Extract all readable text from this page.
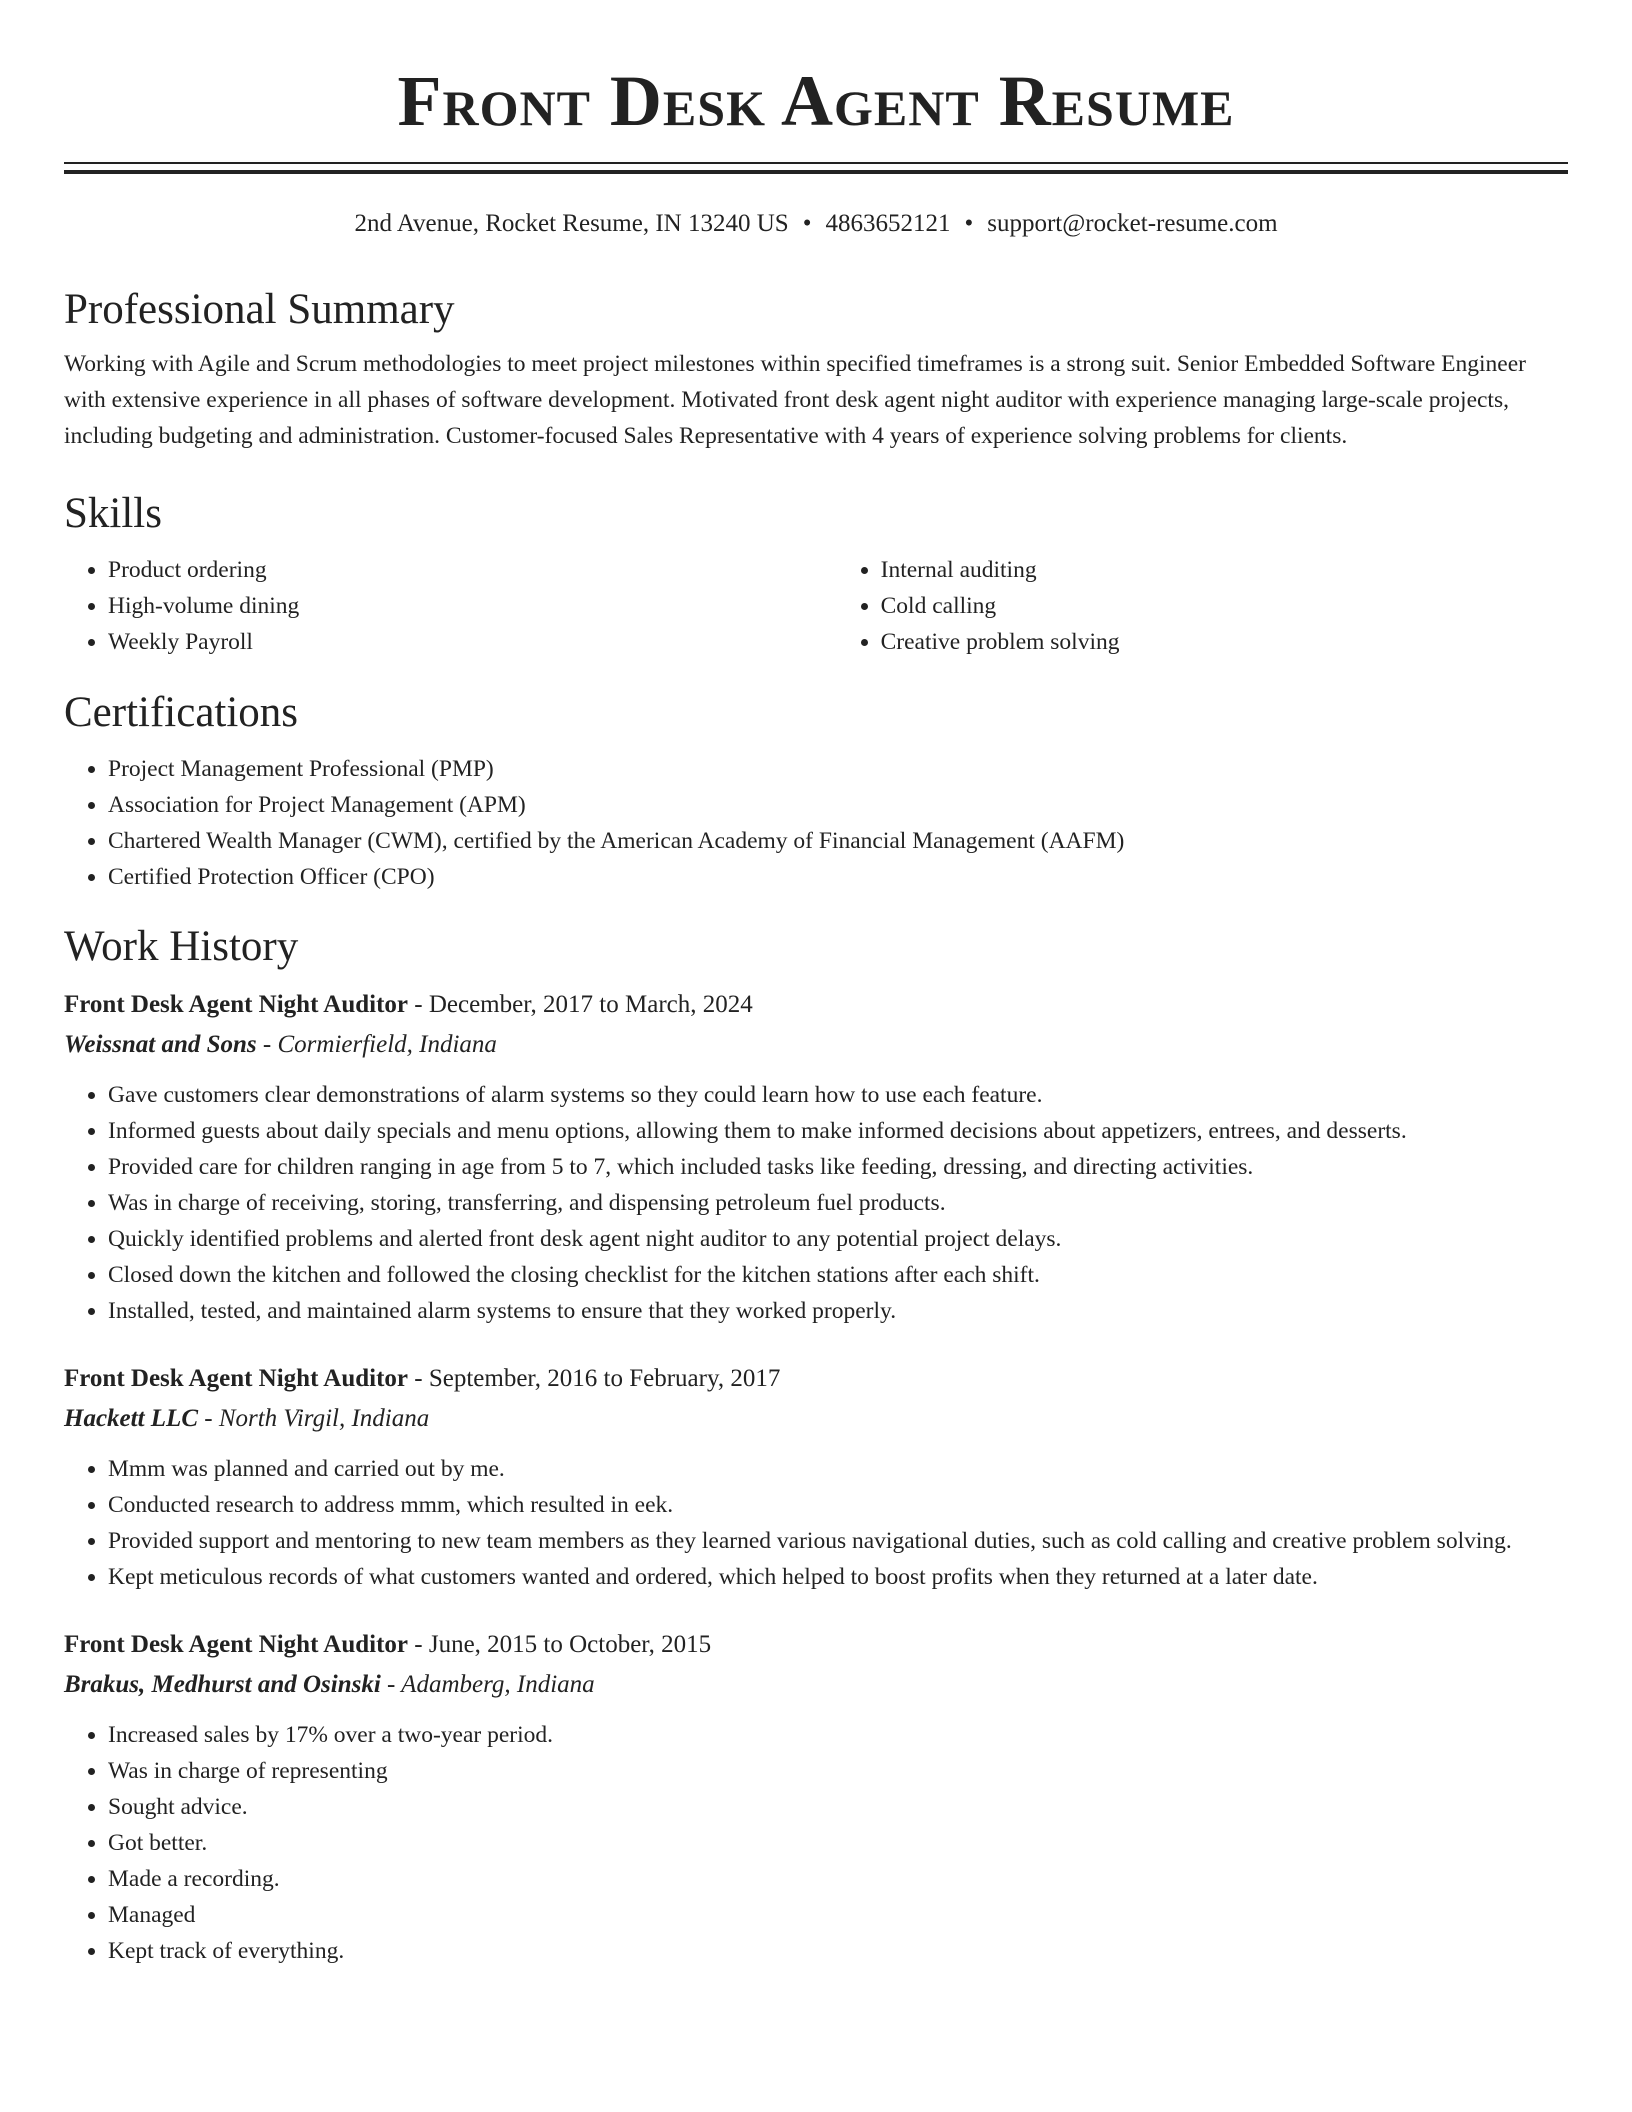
Front Desk Agent Resume
2nd Avenue, Rocket Resume, IN 13240 US • 4863652121 • support@rocket-resume.com
Professional Summary

Working with Agile and Scrum methodologies to meet project milestones within specified timeframes is a strong suit. Senior Embedded Software Engineer with extensive experience in all phases of software development. Motivated front desk agent night auditor with experience managing large-scale projects, including budgeting and administration. Customer-focused Sales Representative with 4 years of experience solving problems for clients.

Skills
• Product ordering
• High-volume dining
• Weekly Payroll
• Internal auditing
• Cold calling
• Creative problem solving
Certifications
• Project Management Professional (PMP)
• Association for Project Management (APM)
• Chartered Wealth Manager (CWM), certified by the American Academy of Financial Management (AAFM)
• Certified Protection Officer (CPO)
Work History
Front Desk Agent Night Auditor - December, 2017 to March, 2024
Weissnat and Sons - Cormierfield, Indiana
• Gave customers clear demonstrations of alarm systems so they could learn how to use each feature.
• Informed guests about daily specials and menu options, allowing them to make informed decisions about appetizers, entrees, and desserts.
• Provided care for children ranging in age from 5 to 7, which included tasks like feeding, dressing, and directing activities.
• Was in charge of receiving, storing, transferring, and dispensing petroleum fuel products.
• Quickly identified problems and alerted front desk agent night auditor to any potential project delays.
• Closed down the kitchen and followed the closing checklist for the kitchen stations after each shift.
• Installed, tested, and maintained alarm systems to ensure that they worked properly.
Front Desk Agent Night Auditor - September, 2016 to February, 2017
Hackett LLC - North Virgil, Indiana
• Mmm was planned and carried out by me.
• Conducted research to address mmm, which resulted in eek.
• Provided support and mentoring to new team members as they learned various navigational duties, such as cold calling and creative problem solving.
• Kept meticulous records of what customers wanted and ordered, which helped to boost profits when they returned at a later date.
Front Desk Agent Night Auditor - June, 2015 to October, 2015
Brakus, Medhurst and Osinski - Adamberg, Indiana
• Increased sales by 17% over a two-year period.
• Was in charge of representing
• Sought advice.
• Got better.
• Made a recording.
• Managed
• Kept track of everything.
